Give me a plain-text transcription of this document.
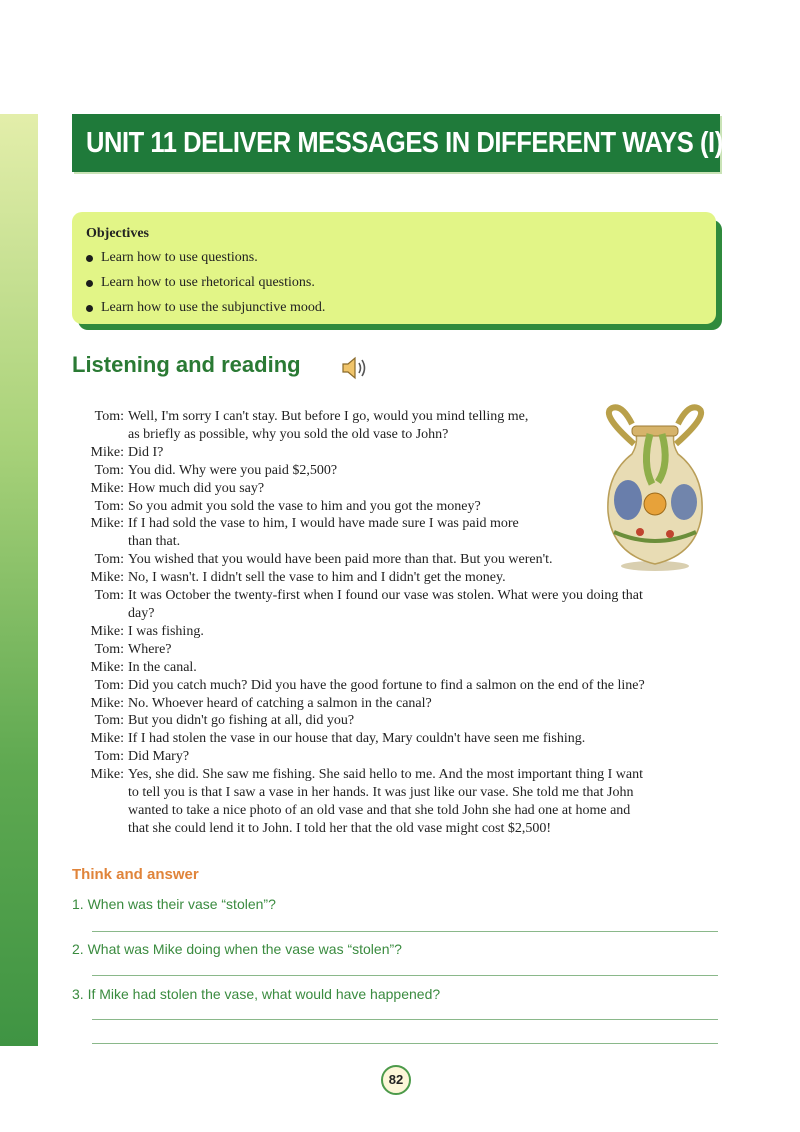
UNIT 11 DELIVER MESSAGES IN DIFFERENT WAYS (I)
Objectives
Learn how to use questions.
Learn how to use rhetorical questions.
Learn how to use the subjunctive mood.
Listening and reading
Tom: Well, I'm sorry I can't stay. But before I go, would you mind telling me,
as briefly as possible, why you sold the old vase to John?
Mike: Did I?
Tom: You did. Why were you paid $2,500?
Mike: How much did you say?
Tom: So you admit you sold the vase to him and you got the money?
Mike: If I had sold the vase to him, I would have made sure I was paid more
than that.
Tom: You wished that you would have been paid more than that. But you weren't.
Mike: No, I wasn't. I didn't sell the vase to him and I didn't get the money.
Tom: It was October the twenty-first when I found our vase was stolen. What were you doing that
day?
Mike: I was fishing.
Tom: Where?
Mike: In the canal.
Tom: Did you catch much? Did you have the good fortune to find a salmon on the end of the line?
Mike: No. Whoever heard of catching a salmon in the canal?
Tom: But you didn't go fishing at all, did you?
Mike: If I had stolen the vase in our house that day, Mary couldn't have seen me fishing.
Tom: Did Mary?
Mike: Yes, she did. She saw me fishing. She said hello to me. And the most important thing I want
to tell you is that I saw a vase in her hands. It was just like our vase. She told me that John
wanted to take a nice photo of an old vase and that she told John she had one at home and
that she could lend it to John. I told her that the old vase might cost $2,500!
Think and answer
1. When was their vase “stolen”?
2. What was Mike doing when the vase was “stolen”?
3. If Mike had stolen the vase, what would have happened?
82
